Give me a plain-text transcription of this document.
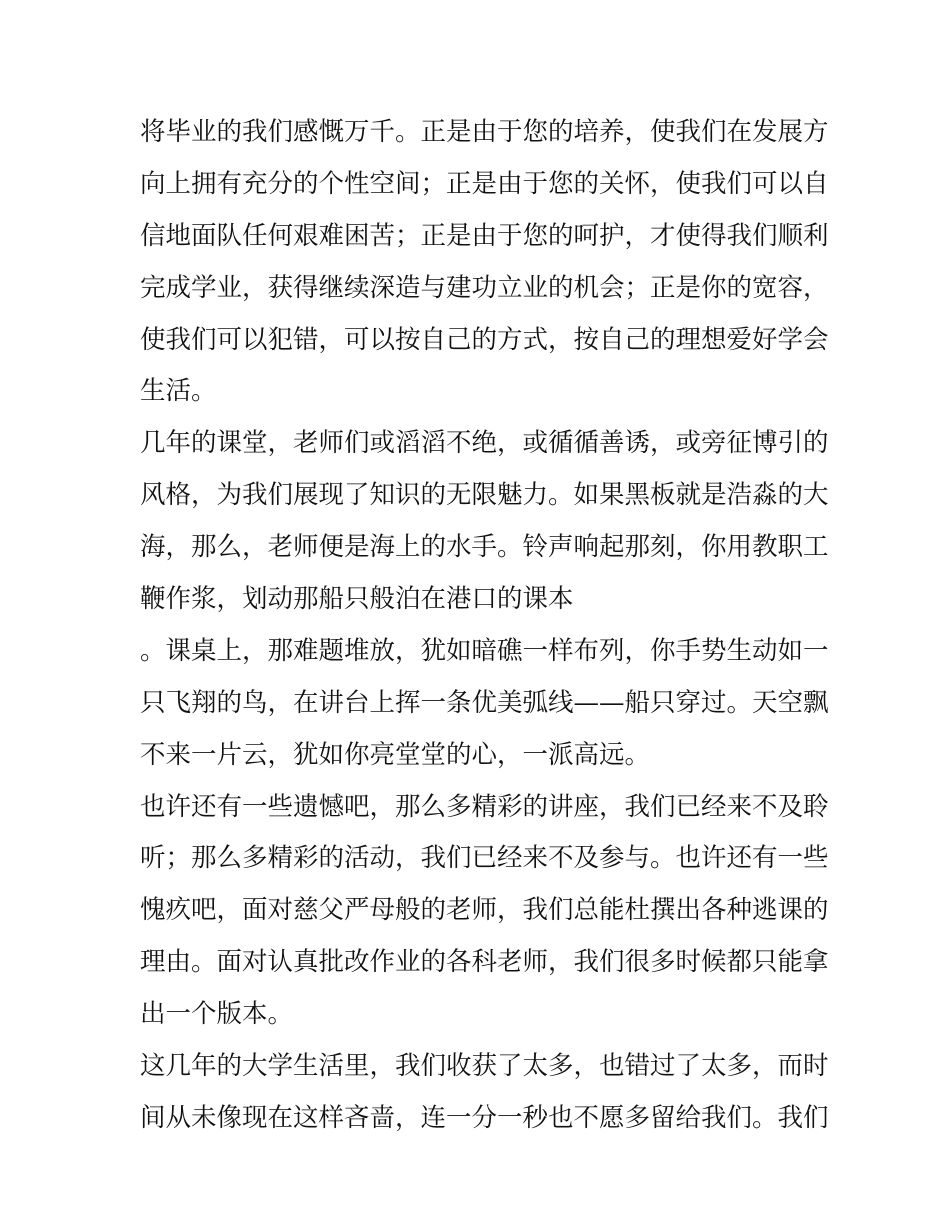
将毕业的我们感慨万千。正是由于您的培养，使我们在发展方
向上拥有充分的个性空间；正是由于您的关怀，使我们可以自
信地面队任何艰难困苦；正是由于您的呵护，才使得我们顺利
完成学业，获得继续深造与建功立业的机会；正是你的宽容，
使我们可以犯错，可以按自己的方式，按自己的理想爱好学会
生活。
几年的课堂，老师们或滔滔不绝，或循循善诱，或旁征博引的
风格，为我们展现了知识的无限魅力。如果黑板就是浩淼的大
海，那么，老师便是海上的水手。铃声响起那刻，你用教职工
鞭作浆，划动那船只般泊在港口的课本
。课桌上，那难题堆放，犹如暗礁一样布列，你手势生动如一
只飞翔的鸟，在讲台上挥一条优美弧线——船只穿过。天空飘
不来一片云，犹如你亮堂堂的心，一派高远。
也许还有一些遗憾吧，那么多精彩的讲座，我们已经来不及聆
听；那么多精彩的活动，我们已经来不及参与。也许还有一些
愧疚吧，面对慈父严母般的老师，我们总能杜撰出各种逃课的
理由。面对认真批改作业的各科老师，我们很多时候都只能拿
出一个版本。
这几年的大学生活里，我们收获了太多，也错过了太多，而时
间从未像现在这样吝啬，连一分一秒也不愿多留给我们。我们
